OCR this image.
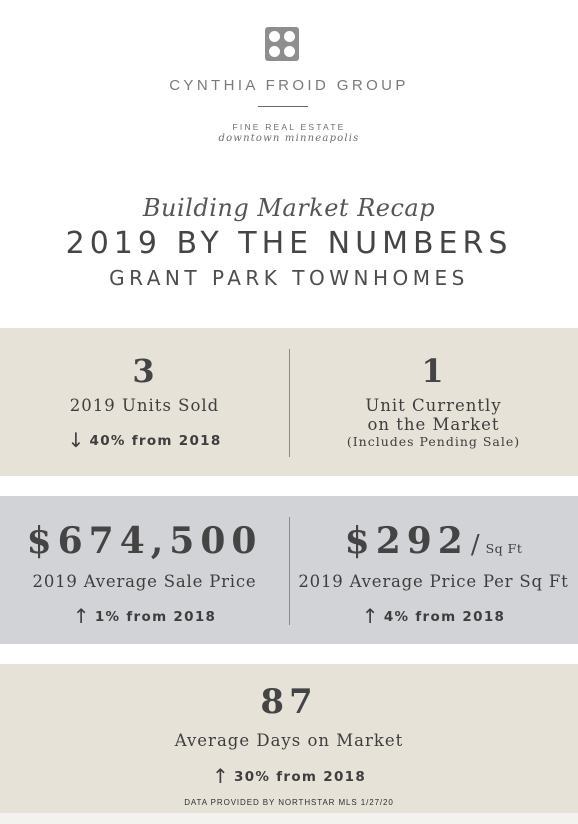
CYNTHIA FROID GROUP
FINE REAL ESTATE
downtown minneapolis
Building Market Recap
2019 BY THE NUMBERS
GRANT PARK TOWNHOMES
3
2019 Units Sold
↓ 40% from 2018
1
Unit Currently
on the Market
(Includes Pending Sale)
$674,500
2019 Average Sale Price
↑ 1% from 2018
$292/ Sq Ft
2019 Average Price Per Sq Ft
↑ 4% from 2018
87
Average Days on Market
↑ 30% from 2018
DATA PROVIDED BY NORTHSTAR MLS 1/27/20
